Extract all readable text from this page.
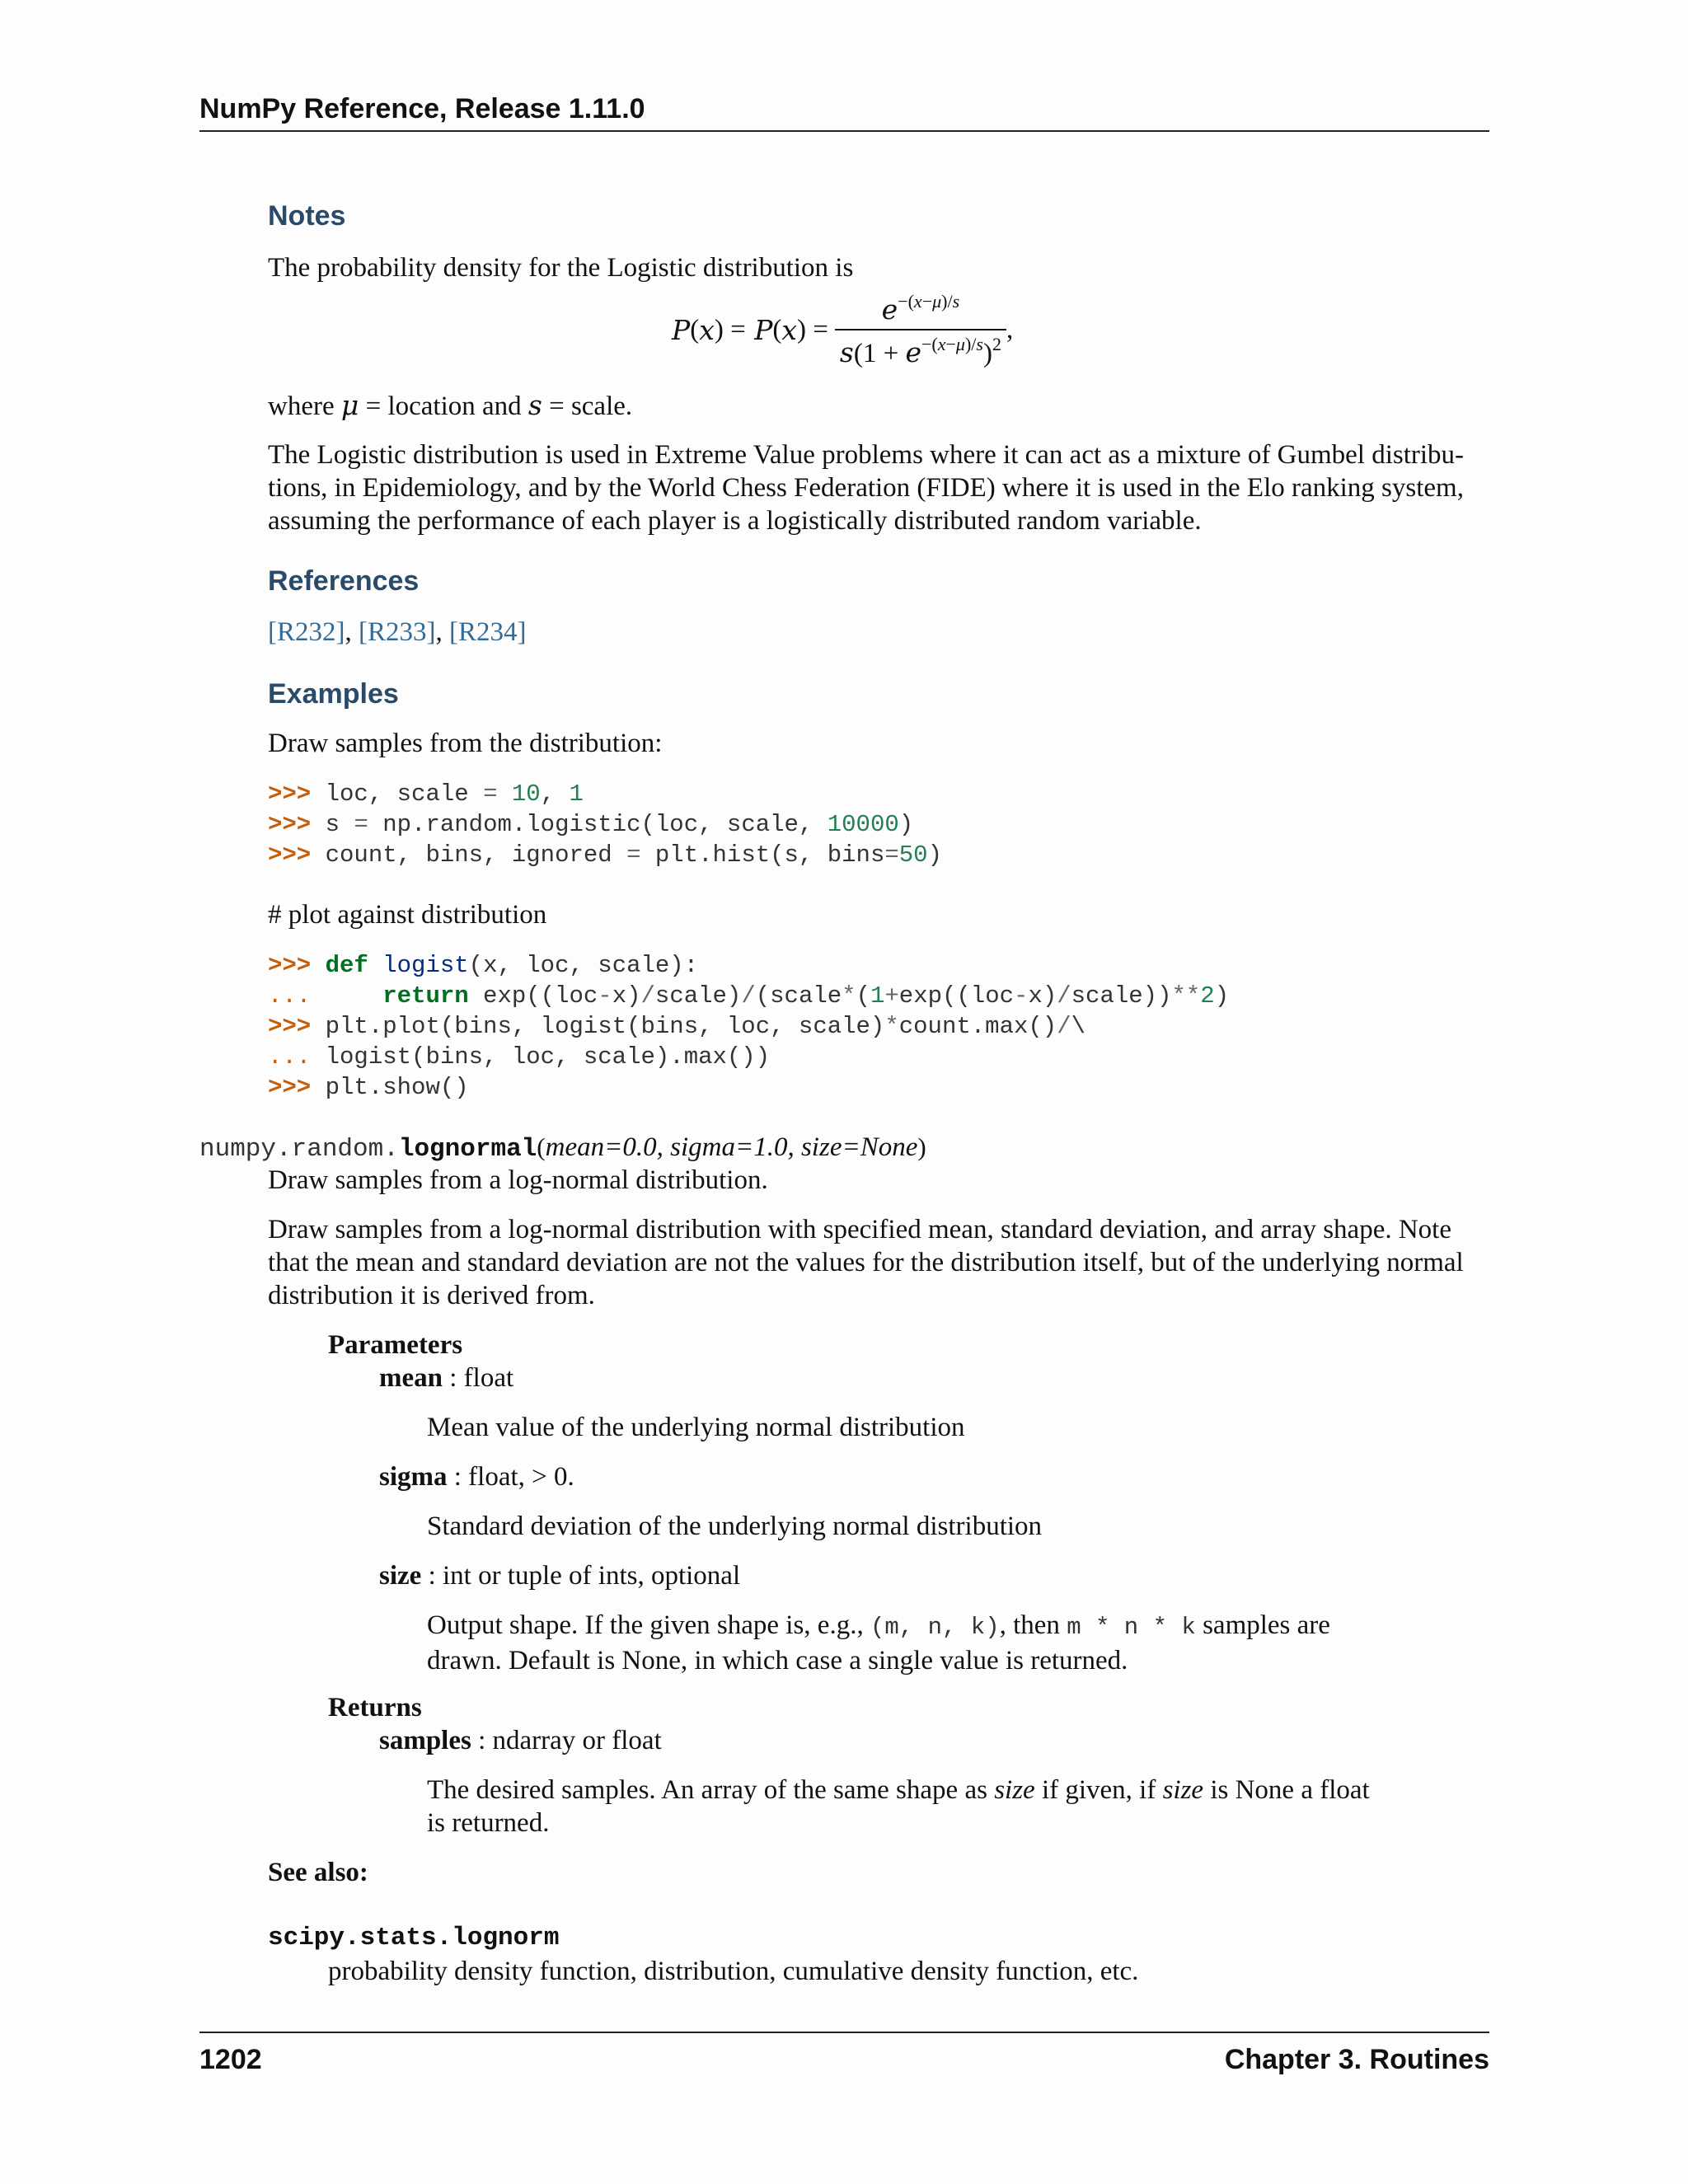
NumPy Reference, Release 1.11.0
Notes
The probability density for the Logistic distribution is
P ( x ) = P ( x ) = $\frac{e^{-(x-\mu)/s}}{s(1 + e^{-(x-\mu)/s})^2}$ ,
where μ = location and s = scale.
The Logistic distribution is used in Extreme Value problems where it can act as a mixture of Gumbel distribu-
tions, in Epidemiology, and by the World Chess Federation (FIDE) where it is used in the Elo ranking system,
assuming the performance of each player is a logistically distributed random variable.
References
[R232], [R233], [R234]
Examples
Draw samples from the distribution:
>>> loc, scale = 10, 1
>>> s = np.random.logistic(loc, scale, 10000)
>>> count, bins, ignored = plt.hist(s, bins=50)
# plot against distribution
>>> def logist(x, loc, scale):
...	return exp((loc-x)/scale)/(scale*(1+exp((loc-x)/scale))**2)
>>> plt.plot(bins, logist(bins, loc, scale)*count.max()/\
... logist(bins, loc, scale).max())
>>> plt.show()
numpy.random.lognormal(mean=0.0, sigma=1.0, size=None)
Draw samples from a log-normal distribution.
Draw samples from a log-normal distribution with specified mean, standard deviation, and array shape. Note
that the mean and standard deviation are not the values for the distribution itself, but of the underlying normal
distribution it is derived from.
Parameters
mean : float
Mean value of the underlying normal distribution
sigma : float, > 0.
Standard deviation of the underlying normal distribution
size : int or tuple of ints, optional
Output shape. If the given shape is, e.g., (m, n, k), then m * n * k samples are
drawn. Default is None, in which case a single value is returned.
Returns
samples : ndarray or float
The desired samples. An array of the same shape as size if given, if size is None a float
is returned.
See also:
scipy.stats.lognorm
probability density function, distribution, cumulative density function, etc.
1202	Chapter 3. Routines
